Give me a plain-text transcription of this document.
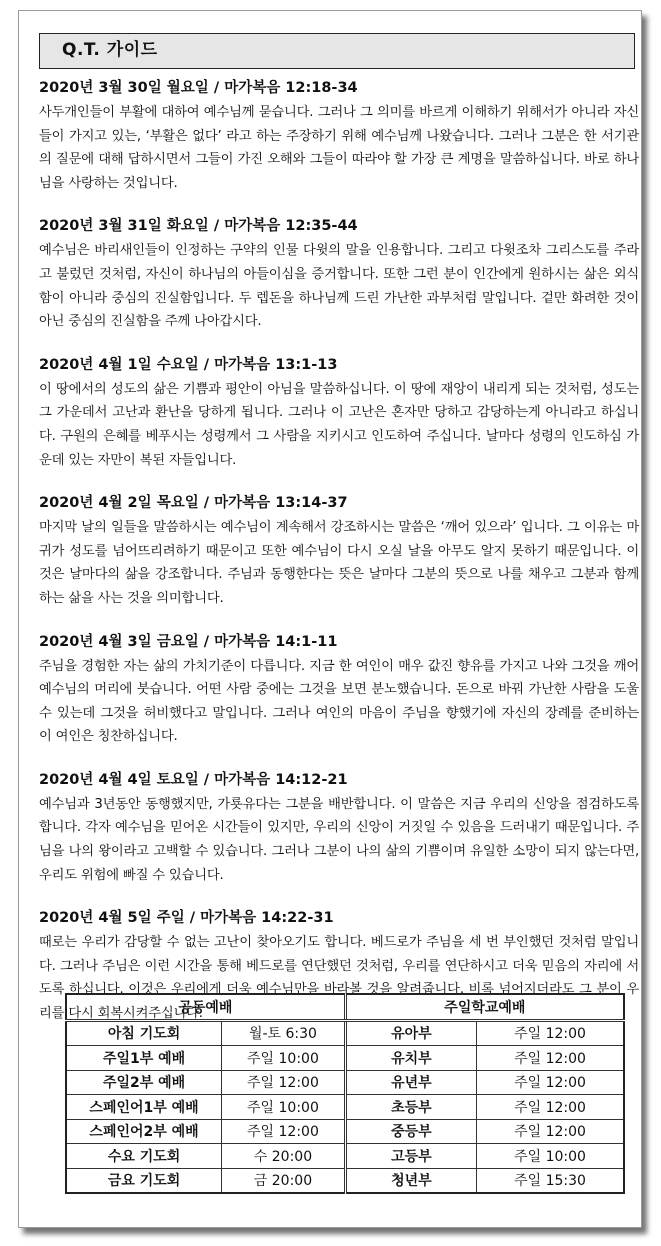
Q.T. 가이드
2020년 3월 30일 월요일 / 마가복음 12:18-34

사두개인들이 부활에 대하여 예수님께 묻습니다. 그러나 그 의미를 바르게 이해하기 위해서가 아니라 자신들이 가지고 있는, ‘부활은 없다’ 라고 하는 주장하기 위해 예수님께 나왔습니다. 그러나 그분은 한 서기관의 질문에 대해 답하시면서 그들이 가진 오해와 그들이 따라야 할 가장 큰 계명을 말씀하십니다. 바로 하나님을 사랑하는 것입니다.

2020년 3월 31일 화요일 / 마가복음 12:35-44

예수님은 바리새인들이 인정하는 구약의 인물 다윗의 말을 인용합니다. 그리고 다윗조차 그리스도를 주라고 불렀던 것처럼, 자신이 하나님의 아들이심을 증거합니다. 또한 그런 분이 인간에게 원하시는 삶은 외식함이 아니라 중심의 진실함입니다. 두 렙돈을 하나님께 드린 가난한 과부처럼 말입니다. 겉만 화려한 것이 아닌 중심의 진실함을 주께 나아갑시다.

2020년 4월 1일 수요일 / 마가복음 13:1-13

이 땅에서의 성도의 삶은 기쁨과 평안이 아님을 말씀하십니다. 이 땅에 재앙이 내리게 되는 것처럼, 성도는 그 가운데서 고난과 환난을 당하게 됩니다. 그러나 이 고난은 혼자만 당하고 감당하는게 아니라고 하십니다. 구원의 은혜를 베푸시는 성령께서 그 사람을 지키시고 인도하여 주십니다. 날마다 성령의 인도하심 가운데 있는 자만이 복된 자들입니다.

2020년 4월 2일 목요일 / 마가복음 13:14-37

마지막 날의 일들을 말씀하시는 예수님이 계속해서 강조하시는 말씀은 ‘깨어 있으라’ 입니다. 그 이유는 마귀가 성도를 넘어뜨리려하기 때문이고 또한 예수님이 다시 오실 날을 아무도 알지 못하기 때문입니다. 이것은 날마다의 삶을 강조합니다. 주님과 동행한다는 뜻은 날마다 그분의 뜻으로 나를 채우고 그분과 함께 하는 삶을 사는 것을 의미합니다.

2020년 4월 3일 금요일 / 마가복음 14:1-11

주님을 경험한 자는 삶의 가치기준이 다릅니다. 지금 한 여인이 매우 값진 향유를 가지고 나와 그것을 깨어 예수님의 머리에 붓습니다. 어떤 사람 중에는 그것을 보면 분노했습니다. 돈으로 바꿔 가난한 사람을 도울 수 있는데 그것을 허비했다고 말입니다. 그러나 여인의 마음이 주님을 향했기에 자신의 장례를 준비하는 이 여인은 칭찬하십니다.

2020년 4월 4일 토요일 / 마가복음 14:12-21

예수님과 3년동안 동행했지만, 가룟유다는 그분을 배반합니다. 이 말씀은 지금 우리의 신앙을 점검하도록 합니다. 각자 예수님을 믿어온 시간들이 있지만, 우리의 신앙이 거짓일 수 있음을 드러내기 때문입니다. 주님을 나의 왕이라고 고백할 수 있습니다. 그러나 그분이 나의 삶의 기쁨이며 유일한 소망이 되지 않는다면, 우리도 위험에 빠질 수 있습니다.

2020년 4월 5일 주일 / 마가복음 14:22-31

때로는 우리가 감당할 수 없는 고난이 찾아오기도 합니다. 베드로가 주님을 세 번 부인했던 것처럼 말입니다. 그러나 주님은 이런 시간을 통해 베드로를 연단했던 것처럼, 우리를 연단하시고 더욱 믿음의 자리에 서도록 하십니다. 이것은 우리에게 더욱 예수님만을 바라볼 것을 알려줍니다. 비록 넘어지더라도 그 분이 우리를 다시 회복시켜주십니다.

공동예배		주일학교예배	
아침 기도회	월-토 6:30	유아부	주일 12:00
주일1부 예배	주일 10:00	유치부	주일 12:00
주일2부 예배	주일 12:00	유년부	주일 12:00
스페인어1부 예배	주일 10:00	초등부	주일 12:00
스페인어2부 예배	주일 12:00	중등부	주일 12:00
수요 기도회	수 20:00	고등부	주일 10:00
금요 기도회	금 20:00	청년부	주일 15:30
